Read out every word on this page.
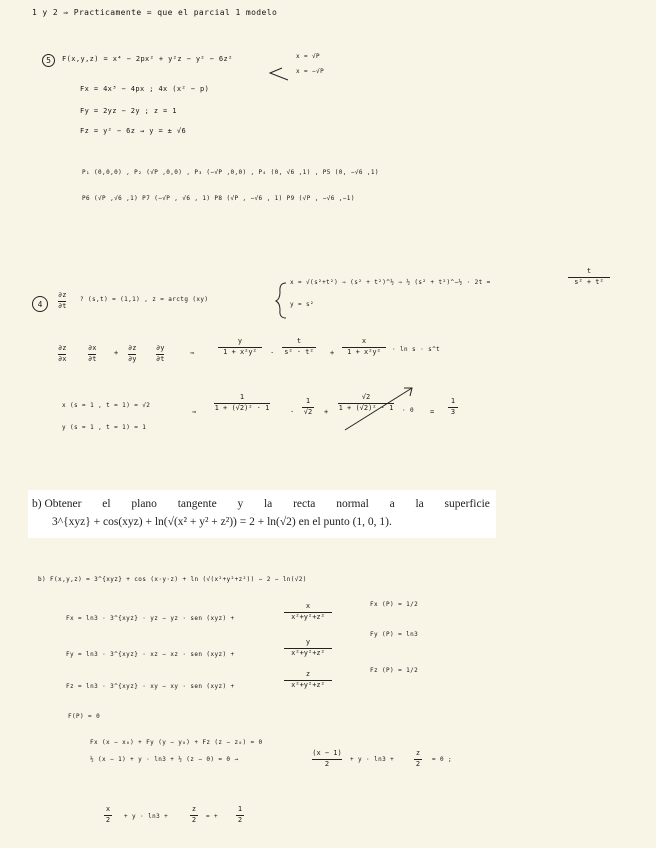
1 y 2 ⇒ Practicamente = que el parcial 1 modelo
5	F(x,y,z) = x⁴ − 2px² + y²z − y² − 6z²	x = √P
x = −√P
Fx = 4x³ − 4px ; 4x (x² − p)
Fy = 2yz − 2y ; z = 1
Fz = y² − 6z → y = ± √6
P₁ (0,0,0) , P₂ (√P ,0,0) , P₃ (−√P ,0,0) , P₄ (0, √6 ,1) , P5 (0, −√6 ,1)
P6 (√P ,√6 ,1) P7 (−√P , √6 , 1) P8 (√P , −√6 , 1) P9 (√P , −√6 ,−1)
4
∂z
∂t
? (s,t) = (1,1) , z = arctg (xy)
x = √(s²+t²) ⇒ (s² + t²)^½ ⇒ ½ (s² + t²)^−½ · 2t =
t
s² + t²
y = s²
∂z
∂x
∂x
∂t
+
∂z
∂y
∂y
∂t
⇒
y
1 + x²y² ·
t
s² · t² +
x
1 + x²y² · ln s · s^t
x (s = 1 , t = 1) = √2
y (s = 1 , t = 1) = 1
⇒
1
1 + (√2)² · 1
·
1
√2 +
√2
1 + (√2)² · 1 · 0 =
1
3
b) Obtener el plano tangente y la recta normal a la superficie
3^{xyz} + cos(xyz) + ln(√(x² + y² + z²)) = 2 + ln(√2) en el punto (1, 0, 1).
b) F(x,y,z) = 3^{xyz} + cos (x·y·z) + ln (√(x²+y²+z²)) − 2 − ln(√2)
Fx = ln3 · 3^{xyz} · yz − yz · sen (xyz) +
x
x²+y²+z²
Fx (P) = 1/2
Fy = ln3 · 3^{xyz} · xz − xz · sen (xyz) +
y
x²+y²+z²
Fy (P) = ln3
Fz = ln3 · 3^{xyz} · xy − xy · sen (xyz) +
z
x²+y²+z²
Fz (P) = 1/2
F(P) = 0
Fx (x − x₀) + Fy (y − y₀) + Fz (z − z₀) = 0
½ (x − 1) + y · ln3 + ½ (z − 0) = 0 →
(x − 1)
2
+ y · ln3 +
z
2
= 0 ;
x
2 + y · ln3 +
z
2 = +
1
2
